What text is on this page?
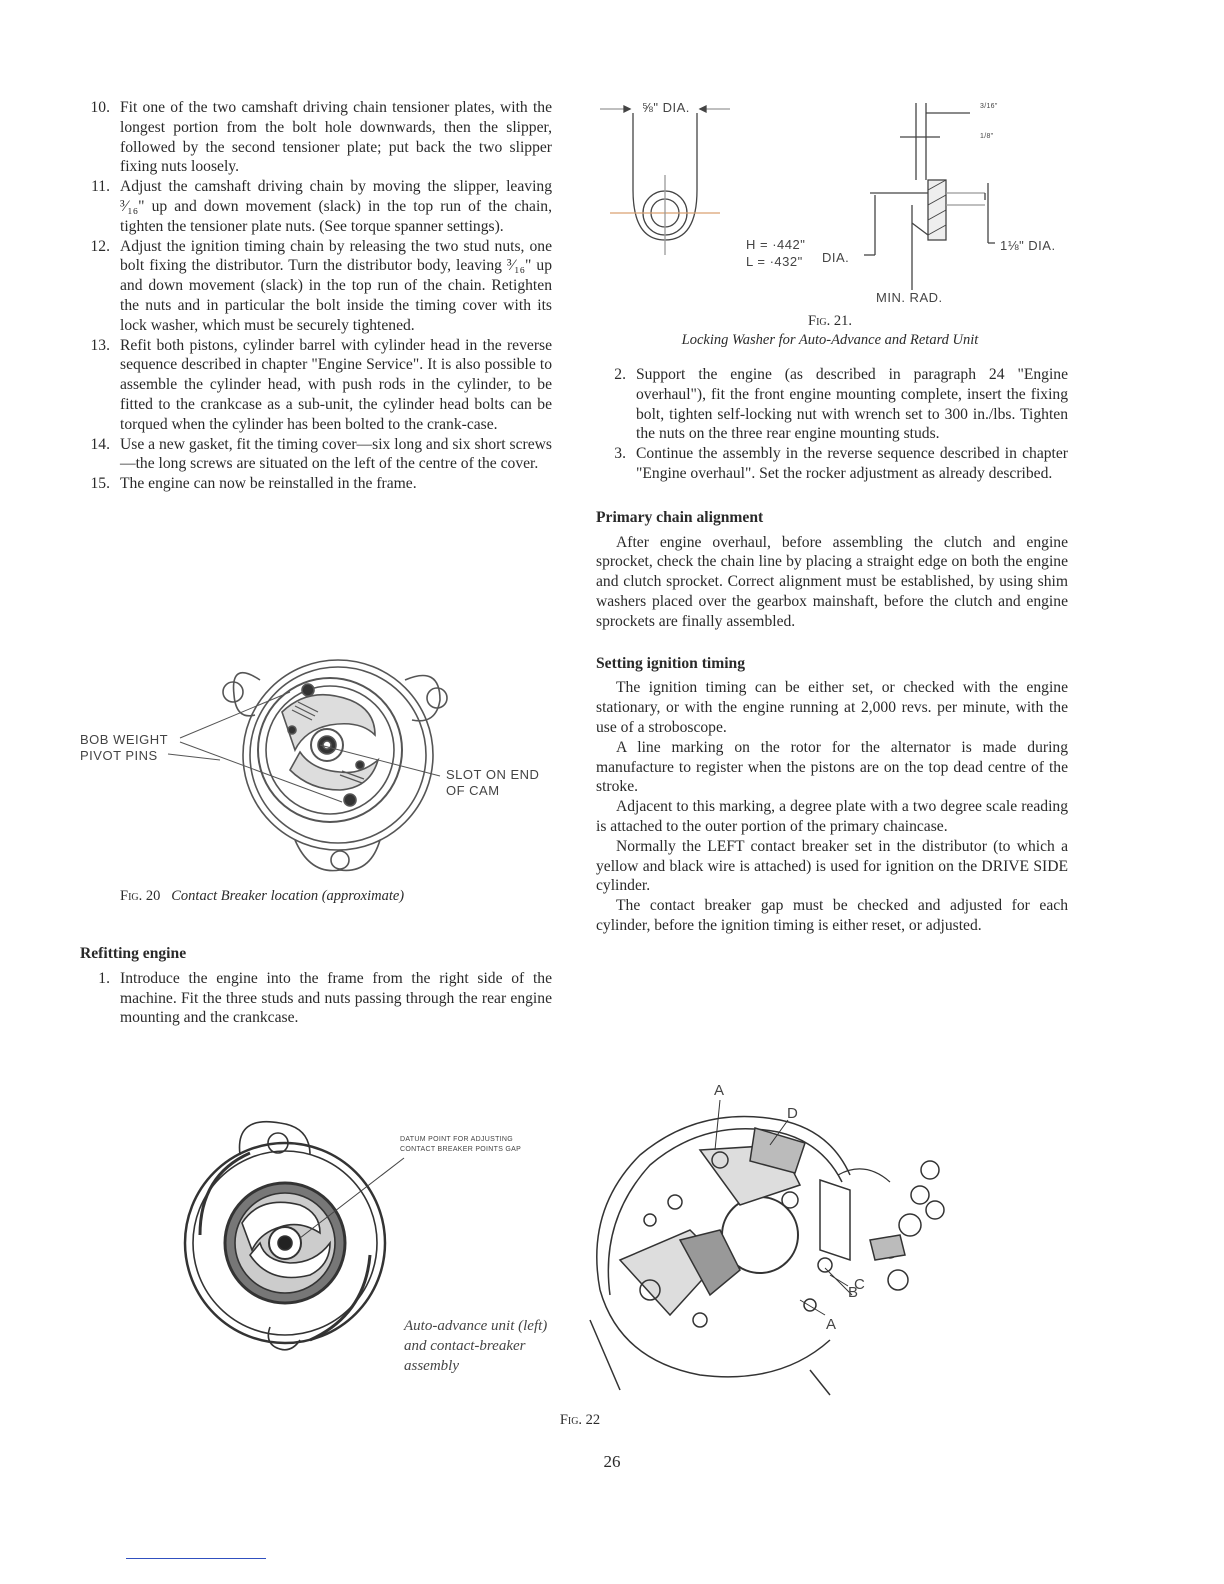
10. Fit one of the two camshaft driving chain tensioner plates, with the longest portion from the bolt hole downwards, then the slipper, followed by the second tensioner plate; put back the two slipper fixing nuts loosely.
11. Adjust the camshaft driving chain by moving the slipper, leaving ³⁄₁₆" up and down movement (slack) in the top run of the chain, tighten the tensioner plate nuts. (See torque spanner settings).
12. Adjust the ignition timing chain by releasing the two stud nuts, one bolt fixing the distributor. Turn the distributor body, leaving ³⁄₁₆" up and down movement (slack) in the top run of the chain. Retighten the nuts and in particular the bolt inside the timing cover with its lock washer, which must be securely tightened.
13. Refit both pistons, cylinder barrel with cylinder head in the reverse sequence described in chapter "Engine Service". It is also possible to assemble the cylinder head, with push rods in the cylinder, to be fitted to the crankcase as a sub-unit, the cylinder head bolts can be torqued when the cylinder has been bolted to the crank-case.
14. Use a new gasket, fit the timing cover—six long and six short screws—the long screws are situated on the left of the centre of the cover.
15. The engine can now be reinstalled in the frame.
BOB WEIGHT
PIVOT PINS
SLOT ON END
OF CAM
Fig. 20 Contact Breaker location (approximate)
Refitting engine
1. Introduce the engine into the frame from the right side of the machine. Fit the three studs and nuts passing through the rear engine mounting and the crankcase.
⅝" DIA.	3/16"
1/8"
H = ·442"
L = ·432" DIA.
1⅛" DIA.
MIN. RAD.
Fig. 21.
Locking Washer for Auto-Advance and Retard Unit
2. Support the engine (as described in paragraph 24 "Engine overhaul"), fit the front engine mounting complete, insert the fixing bolt, tighten self-locking nut with wrench set to 300 in./lbs. Tighten the nuts on the three rear engine mounting studs.
3. Continue the assembly in the reverse sequence described in chapter "Engine overhaul". Set the rocker adjustment as already described.
Primary chain alignment
After engine overhaul, before assembling the clutch and engine sprocket, check the chain line by placing a straight edge on both the engine and clutch sprocket. Correct alignment must be established, by using shim washers placed over the gearbox mainshaft, before the clutch and engine sprockets are finally assembled.
Setting ignition timing
The ignition timing can be either set, or checked with the engine stationary, or with the engine running at 2,000 revs. per minute, with the use of a stroboscope.
A line marking on the rotor for the alternator is made during manufacture to register when the pistons are on the top dead centre of the stroke.
Adjacent to this marking, a degree plate with a two degree scale reading is attached to the outer portion of the primary chaincase.
Normally the LEFT contact breaker set in the distributor (to which a yellow and black wire is attached) is used for ignition on the DRIVE SIDE cylinder.
The contact breaker gap must be checked and adjusted for each cylinder, before the ignition timing is either reset, or adjusted.
DATUM POINT FOR ADJUSTING
CONTACT BREAKER POINTS GAP
Auto-advance unit (left)
and contact-breaker
assembly
A
D
C
B
A
Fig. 22
26
